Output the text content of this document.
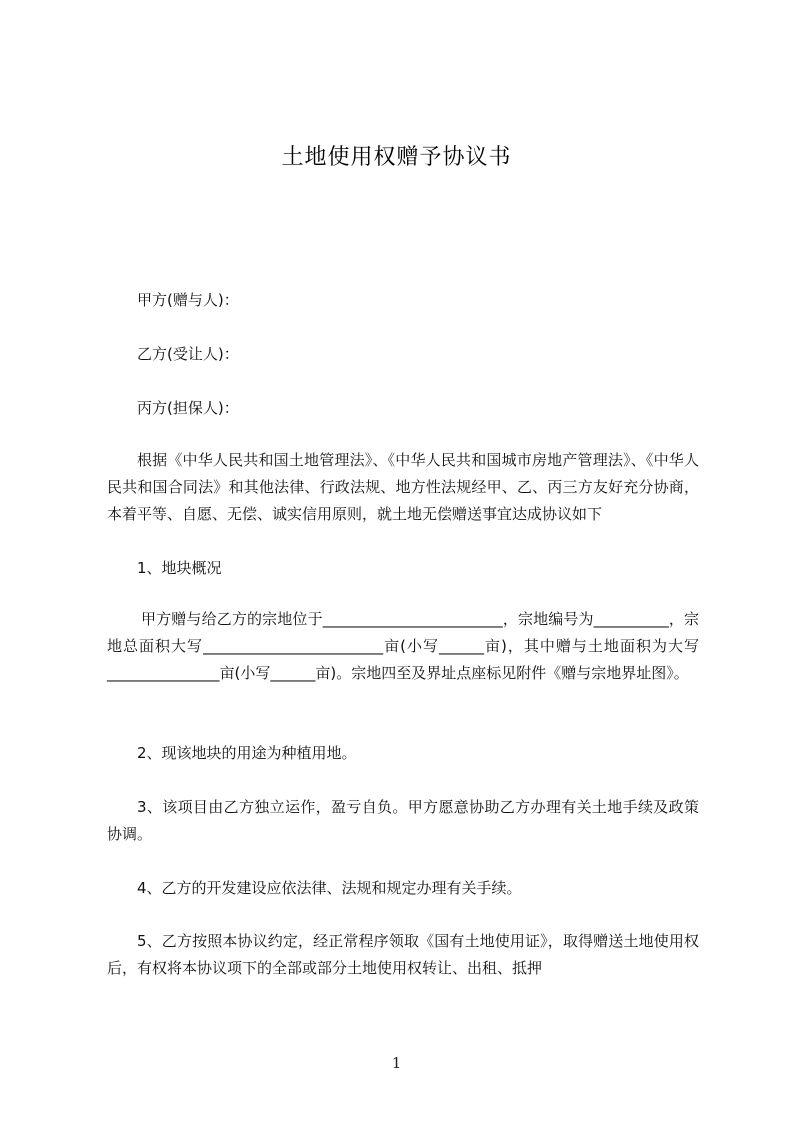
土地使用权赠予协议书
甲方(赠与人)：
乙方(受让人)：
丙方(担保人)：
根据《中华人民共和国土地管理法》、《中华人民共和国城市房地产管理法》、《中华人民共和国合同法》和其他法律、行政法规、地方性法规经甲、乙、丙三方友好充分协商，本着平等、自愿、无偿、诚实信用原则，就土地无偿赠送事宜达成协议如下
1、地块概况
甲方赠与给乙方的宗地位于________________________，宗地编号为__________，宗地总面积大写________________________亩(小写______亩)，其中赠与土地面积为大写_______________亩(小写______亩)。宗地四至及界址点座标见附件《赠与宗地界址图》。
2、现该地块的用途为种植用地。
3、该项目由乙方独立运作，盈亏自负。甲方愿意协助乙方办理有关土地手续及政策协调。
4、乙方的开发建设应依法律、法规和规定办理有关手续。
5、乙方按照本协议约定，经正常程序领取《国有土地使用证》，取得赠送土地使用权后，有权将本协议项下的全部或部分土地使用权转让、出租、抵押
1
